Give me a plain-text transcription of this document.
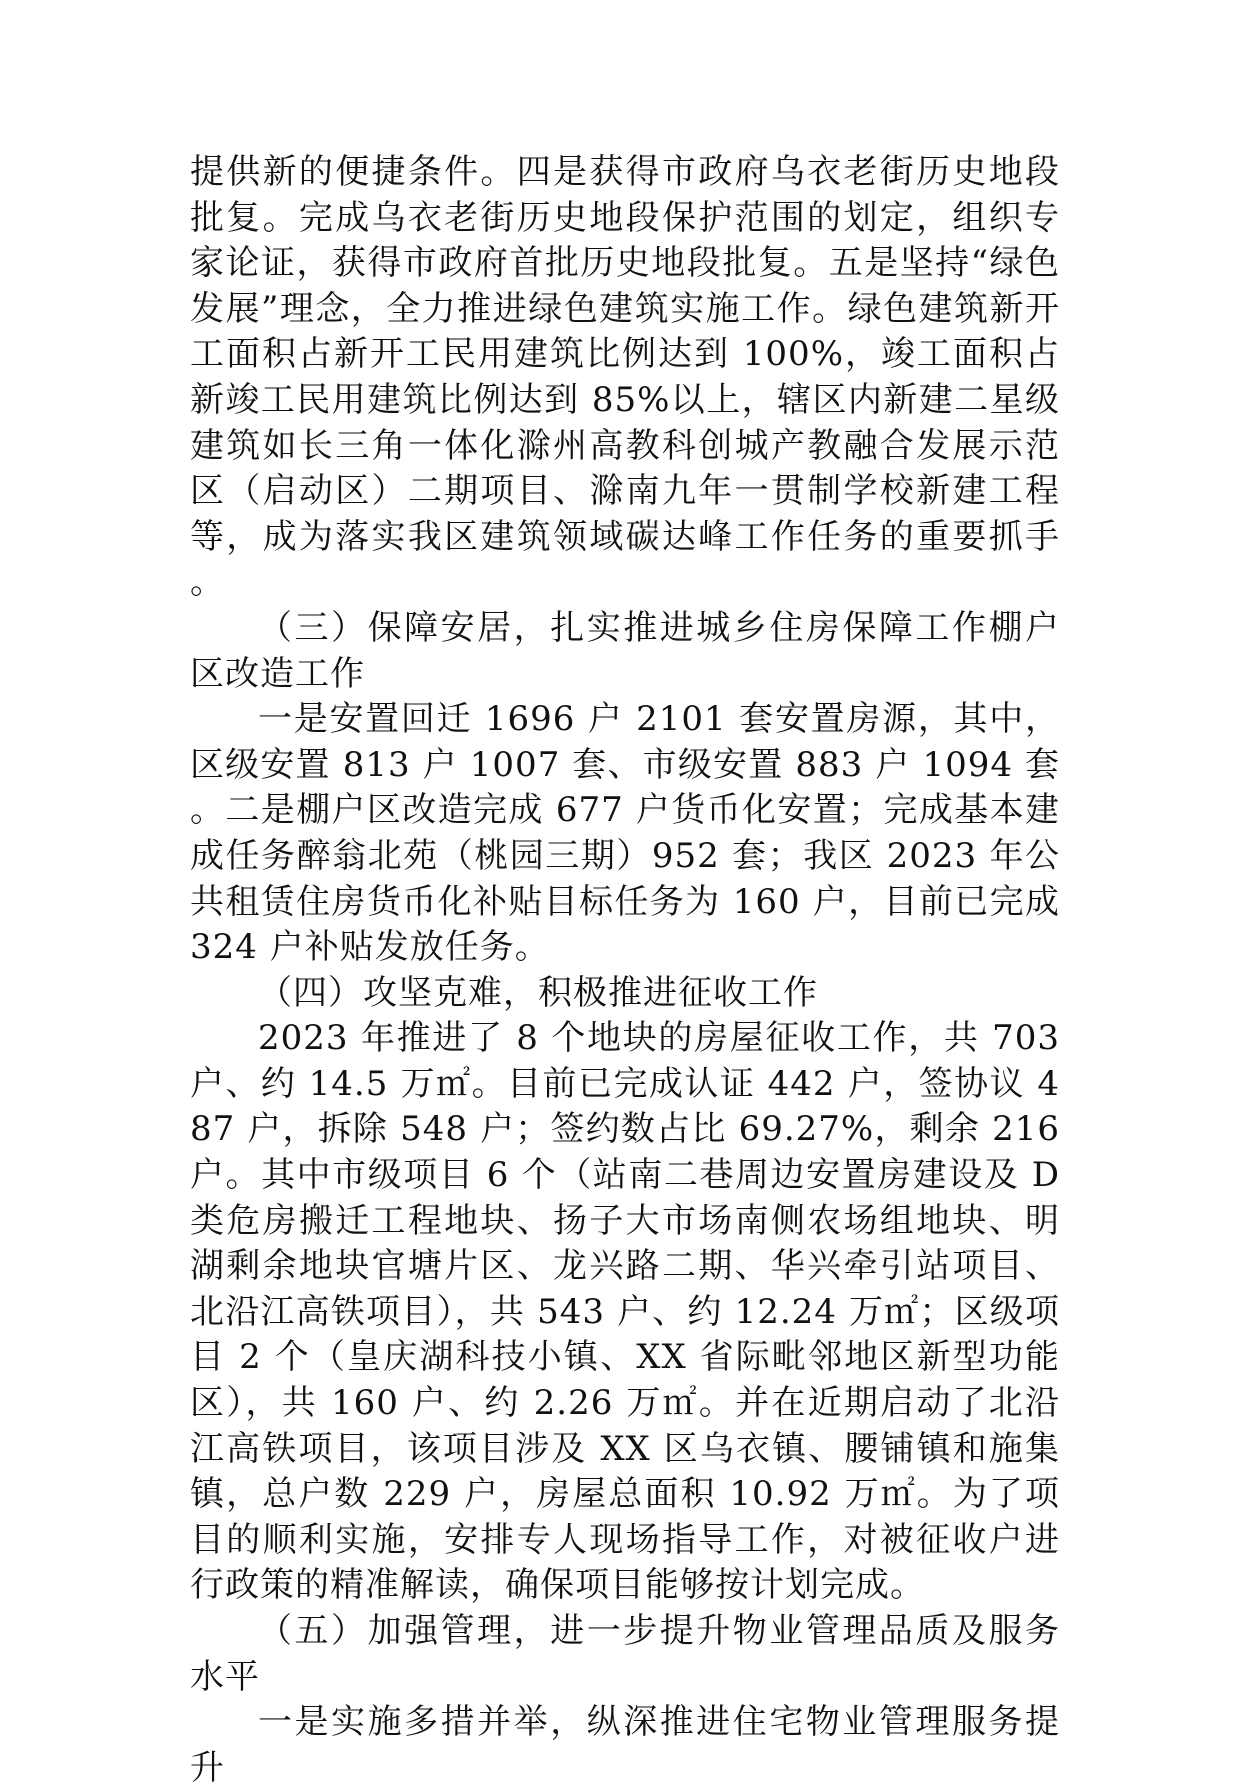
提供新的便捷条件。四是获得市政府乌衣老街历史地段批复。完成乌衣老街历史地段保护范围的划定，组织专家论证，获得市政府首批历史地段批复。五是坚持“绿色发展”理念，全力推进绿色建筑实施工作。绿色建筑新开工面积占新开工民用建筑比例达到 100%，竣工面积占新竣工民用建筑比例达到 85%以上，辖区内新建二星级建筑如长三角一体化滁州高教科创城产教融合发展示范区（启动区）二期项目、滁南九年一贯制学校新建工程等，成为落实我区建筑领域碳达峰工作任务的重要抓手。

（三）保障安居，扎实推进城乡住房保障工作棚户区改造工作

一是安置回迁 1696 户 2101 套安置房源，其中，区级安置 813 户 1007 套、市级安置 883 户 1094 套。二是棚户区改造完成 677 户货币化安置；完成基本建成任务醉翁北苑（桃园三期）952 套；我区 2023 年公共租赁住房货币化补贴目标任务为 160 户，目前已完成 324 户补贴发放任务。

（四）攻坚克难，积极推进征收工作

2023 年推进了 8 个地块的房屋征收工作，共 703 户、约 14.5 万㎡。目前已完成认证 442 户，签协议 487 户，拆除 548 户；签约数占比 69.27%，剩余 216 户。其中市级项目 6 个（站南二巷周边安置房建设及 D 类危房搬迁工程地块、扬子大市场南侧农场组地块、明湖剩余地块官塘片区、龙兴路二期、华兴牵引站项目、北沿江高铁项目），共 543 户、约 12.24 万㎡；区级项目 2 个（皇庆湖科技小镇、XX 省际毗邻地区新型功能区），共 160 户、约 2.26 万㎡。并在近期启动了北沿江高铁项目，该项目涉及 XX 区乌衣镇、腰铺镇和施集镇，总户数 229 户，房屋总面积 10.92 万㎡。为了项目的顺利实施，安排专人现场指导工作，对被征收户进行政策的精准解读，确保项目能够按计划完成。

（五）加强管理，进一步提升物业管理品质及服务水平

一是实施多措并举，纵深推进住宅物业管理服务提升
